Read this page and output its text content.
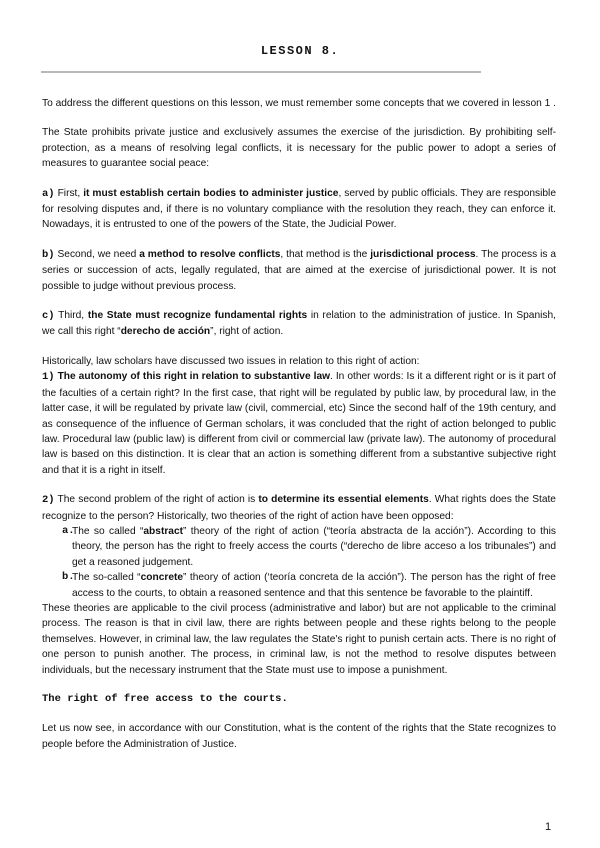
LESSON 8.

To address the different questions on this lesson, we must remember some concepts that we covered in lesson 1 .

The State prohibits private justice and exclusively assumes the exercise of the jurisdiction. By prohibiting self-protection, as a means of resolving legal conflicts, it is necessary for the public power to adopt a series of measures to guarantee social peace:

a) First, it must establish certain bodies to administer justice, served by public officials. They are responsible for resolving disputes and, if there is no voluntary compliance with the resolution they reach, they can enforce it. Nowadays, it is entrusted to one of the powers of the State, the Judicial Power.

b) Second, we need a method to resolve conflicts, that method is the jurisdictional process. The process is a series or succession of acts, legally regulated, that are aimed at the exercise of jurisdictional power. It is not possible to judge without previous process.

c) Third, the State must recognize fundamental rights in relation to the administration of justice. In Spanish, we call this right “derecho de acción”, right of action.

Historically, law scholars have discussed two issues in relation to this right of action:

1) The autonomy of this right in relation to substantive law. In other words: Is it a different right or is it part of the faculties of a certain right? In the first case, that right will be regulated by public law, by procedural law, in the latter case, it will be regulated by private law (civil, commercial, etc) Since the second half of the 19th century, and as consequence of the influence of German scholars, it was concluded that the right of action belonged to public law. Procedural law (public law) is different from civil or commercial law (private law). The autonomy of procedural law is based on this distinction. It is clear that an action is something different from a substantive subjective right and that it is a right in itself.

2) The second problem of the right of action is to determine its essential elements. What rights does the State recognize to the person? Historically, two theories of the right of action have been opposed:

a.
The so called “abstract” theory of the right of action (“teoría abstracta de la acción”). According to this theory, the person has the right to freely access the courts (“derecho de libre acceso a los tribunales”) and get a reasoned judgement.
b.
The so-called “concrete” theory of action (‘teoría concreta de la acción”). The person has the right of free access to the courts, to obtain a reasoned sentence and that this sentence be favorable to the plaintiff.

These theories are applicable to the civil process (administrative and labor) but are not applicable to the criminal process. The reason is that in civil law, there are rights between people and these rights belong to the people themselves. However, in criminal law, the law regulates the State's right to punish certain acts. There is no right of one person to punish another. The process, in criminal law, is not the method to resolve disputes between individuals, but the necessary instrument that the State must use to impose a punishment.

The right of free access to the courts.

Let us now see, in accordance with our Constitution, what is the content of the rights that the State recognizes to people before the Administration of Justice.

1
